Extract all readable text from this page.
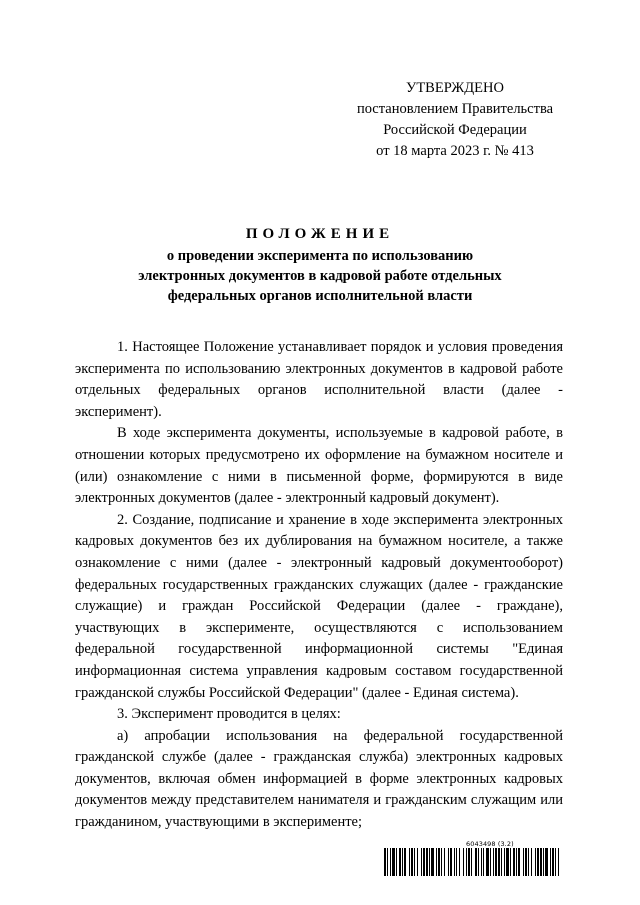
УТВЕРЖДЕНО
постановлением Правительства
Российской Федерации
от 18 марта 2023 г. № 413
ПОЛОЖЕНИЕ
о проведении эксперимента по использованию
электронных документов в кадровой работе отдельных
федеральных органов исполнительной власти

1. Настоящее Положение устанавливает порядок и условия проведения эксперимента по использованию электронных документов в кадровой работе отдельных федеральных органов исполнительной власти (далее - эксперимент).

В ходе эксперимента документы, используемые в кадровой работе, в отношении которых предусмотрено их оформление на бумажном носителе и (или) ознакомление с ними в письменной форме, формируются в виде электронных документов (далее - электронный кадровый документ).

2. Создание, подписание и хранение в ходе эксперимента электронных кадровых документов без их дублирования на бумажном носителе, а также ознакомление с ними (далее - электронный кадровый документооборот) федеральных государственных гражданских служащих (далее - гражданские служащие) и граждан Российской Федерации (далее - граждане), участвующих в эксперименте, осуществляются с использованием федеральной государственной информационной системы "Единая информационная система управления кадровым составом государственной гражданской службы Российской Федерации" (далее - Единая система).

3. Эксперимент проводится в целях:

а) апробации использования на федеральной государственной гражданской службе (далее - гражданская служба) электронных кадровых документов, включая обмен информацией в форме электронных кадровых документов между представителем нанимателя и гражданским служащим или гражданином, участвующими в эксперименте;

6043498 (3.2)
